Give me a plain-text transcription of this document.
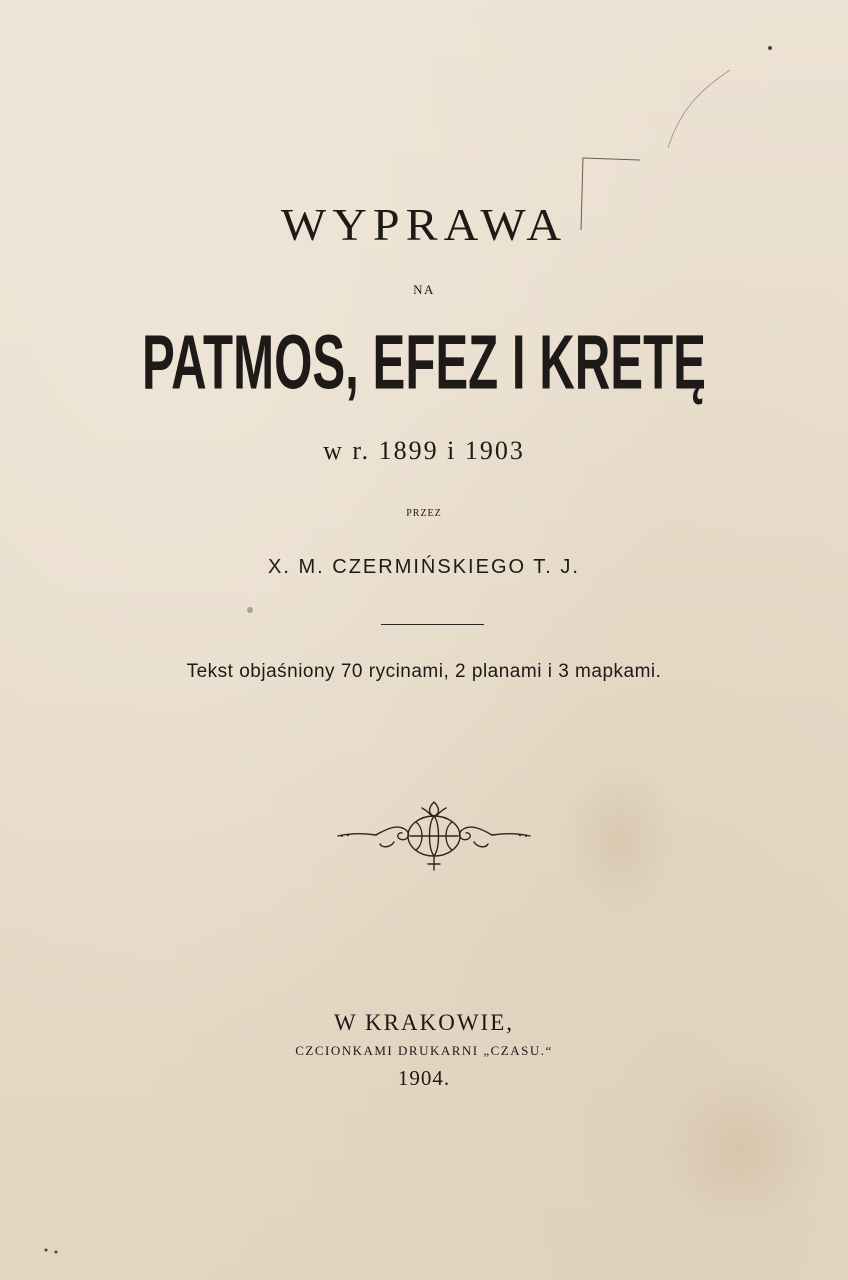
WYPRAWA
NA
PATMOS, EFEZ I KRETĘ
w r. 1899 i 1903
PRZEZ
X. M. CZERMIŃSKIEGO T. J.
Tekst objaśniony 70 rycinami, 2 planami i 3 mapkami.
W KRAKOWIE,
CZCIONKAMI DRUKARNI „CZASU.“
1904.
